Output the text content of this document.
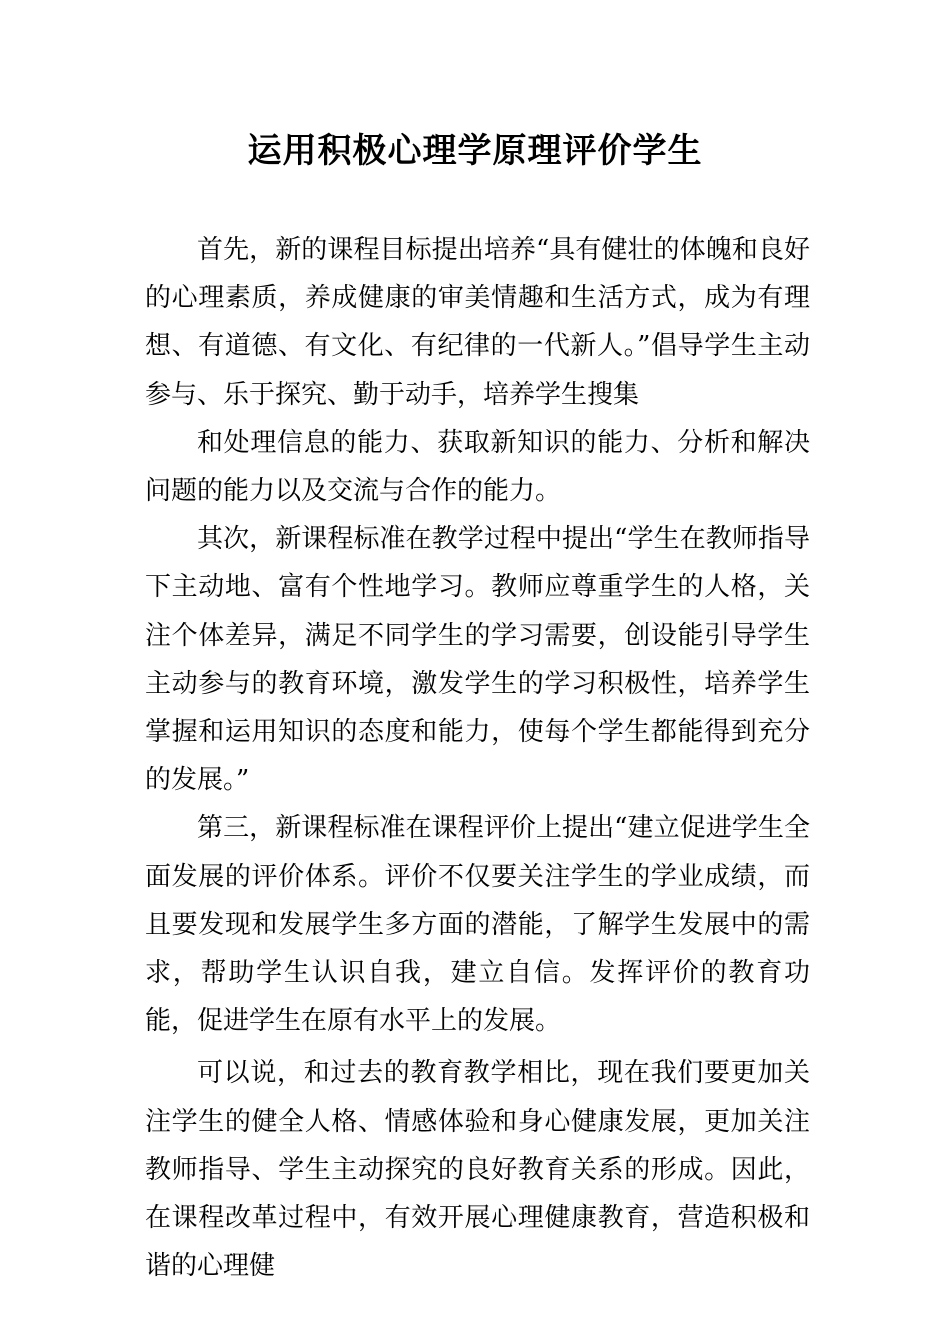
运用积极心理学原理评价学生

首先，新的课程目标提出培养“具有健壮的体魄和良好的心理素质，养成健康的审美情趣和生活方式，成为有理想、有道德、有文化、有纪律的一代新人。”倡导学生主动参与、乐于探究、勤于动手，培养学生搜集

和处理信息的能力、获取新知识的能力、分析和解决问题的能力以及交流与合作的能力。

其次，新课程标准在教学过程中提出“学生在教师指导下主动地、富有个性地学习。教师应尊重学生的人格，关注个体差异，满足不同学生的学习需要，创设能引导学生主动参与的教育环境，激发学生的学习积极性，培养学生掌握和运用知识的态度和能力，使每个学生都能得到充分的发展。”

第三，新课程标准在课程评价上提出“建立促进学生全面发展的评价体系。评价不仅要关注学生的学业成绩，而且要发现和发展学生多方面的潜能，了解学生发展中的需求，帮助学生认识自我，建立自信。发挥评价的教育功能，促进学生在原有水平上的发展。

可以说，和过去的教育教学相比，现在我们要更加关注学生的健全人格、情感体验和身心健康发展，更加关注教师指导、学生主动探究的良好教育关系的形成。因此，在课程改革过程中，有效开展心理健康教育，营造积极和谐的心理健
